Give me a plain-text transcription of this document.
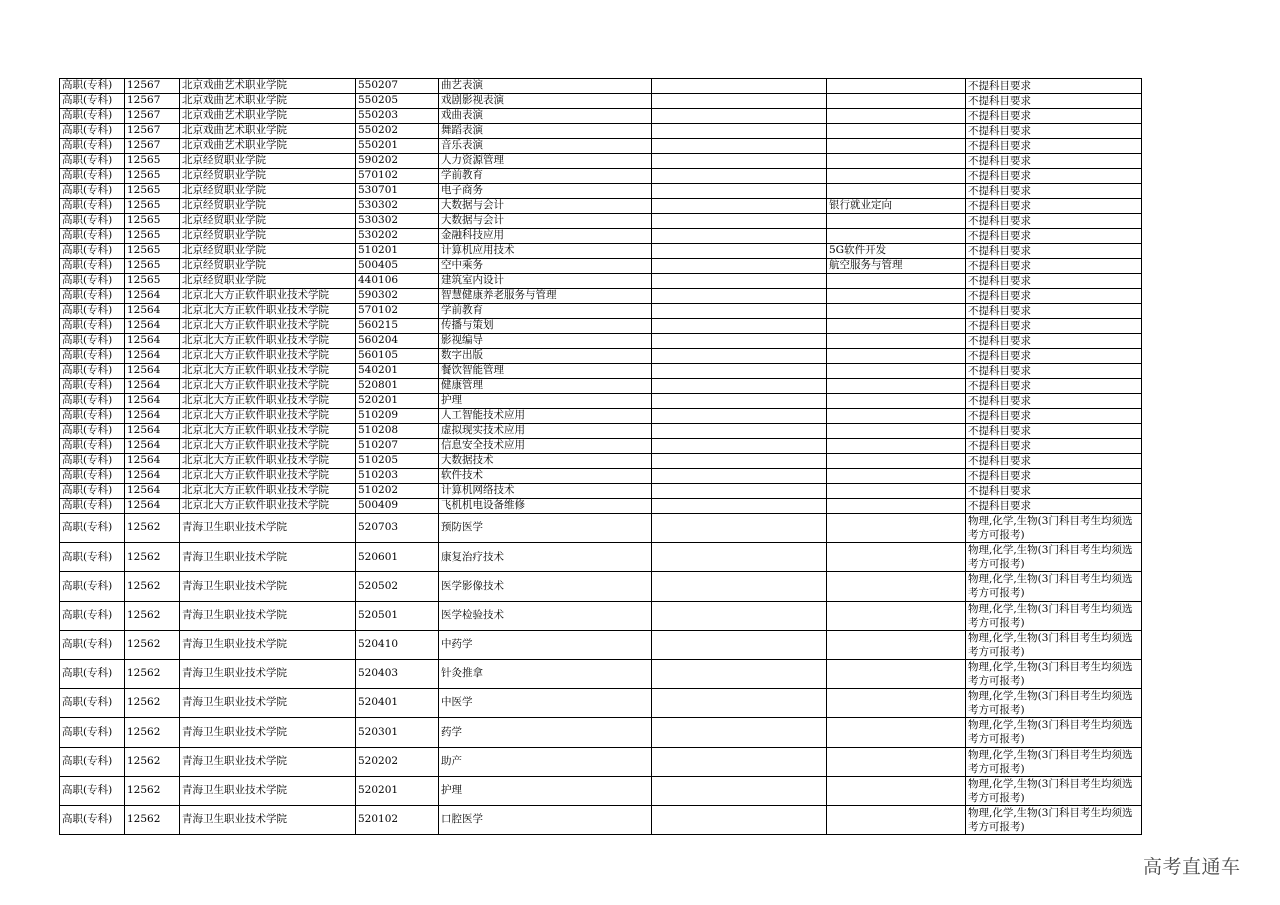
高职(专科)	12567	北京戏曲艺术职业学院	550207	曲艺表演			不提科目要求
高职(专科)	12567	北京戏曲艺术职业学院	550205	戏剧影视表演			不提科目要求
高职(专科)	12567	北京戏曲艺术职业学院	550203	戏曲表演			不提科目要求
高职(专科)	12567	北京戏曲艺术职业学院	550202	舞蹈表演			不提科目要求
高职(专科)	12567	北京戏曲艺术职业学院	550201	音乐表演			不提科目要求
高职(专科)	12565	北京经贸职业学院	590202	人力资源管理			不提科目要求
高职(专科)	12565	北京经贸职业学院	570102	学前教育			不提科目要求
高职(专科)	12565	北京经贸职业学院	530701	电子商务			不提科目要求
高职(专科)	12565	北京经贸职业学院	530302	大数据与会计		银行就业定向	不提科目要求
高职(专科)	12565	北京经贸职业学院	530302	大数据与会计			不提科目要求
高职(专科)	12565	北京经贸职业学院	530202	金融科技应用			不提科目要求
高职(专科)	12565	北京经贸职业学院	510201	计算机应用技术		5G软件开发	不提科目要求
高职(专科)	12565	北京经贸职业学院	500405	空中乘务		航空服务与管理	不提科目要求
高职(专科)	12565	北京经贸职业学院	440106	建筑室内设计			不提科目要求
高职(专科)	12564	北京北大方正软件职业技术学院	590302	智慧健康养老服务与管理			不提科目要求
高职(专科)	12564	北京北大方正软件职业技术学院	570102	学前教育			不提科目要求
高职(专科)	12564	北京北大方正软件职业技术学院	560215	传播与策划			不提科目要求
高职(专科)	12564	北京北大方正软件职业技术学院	560204	影视编导			不提科目要求
高职(专科)	12564	北京北大方正软件职业技术学院	560105	数字出版			不提科目要求
高职(专科)	12564	北京北大方正软件职业技术学院	540201	餐饮智能管理			不提科目要求
高职(专科)	12564	北京北大方正软件职业技术学院	520801	健康管理			不提科目要求
高职(专科)	12564	北京北大方正软件职业技术学院	520201	护理			不提科目要求
高职(专科)	12564	北京北大方正软件职业技术学院	510209	人工智能技术应用			不提科目要求
高职(专科)	12564	北京北大方正软件职业技术学院	510208	虚拟现实技术应用			不提科目要求
高职(专科)	12564	北京北大方正软件职业技术学院	510207	信息安全技术应用			不提科目要求
高职(专科)	12564	北京北大方正软件职业技术学院	510205	大数据技术			不提科目要求
高职(专科)	12564	北京北大方正软件职业技术学院	510203	软件技术			不提科目要求
高职(专科)	12564	北京北大方正软件职业技术学院	510202	计算机网络技术			不提科目要求
高职(专科)	12564	北京北大方正软件职业技术学院	500409	飞机机电设备维修			不提科目要求
高职(专科)	12562	青海卫生职业技术学院	520703	预防医学			物理,化学,生物(3门科目考生均须选考方可报考)
高职(专科)	12562	青海卫生职业技术学院	520601	康复治疗技术			物理,化学,生物(3门科目考生均须选考方可报考)
高职(专科)	12562	青海卫生职业技术学院	520502	医学影像技术			物理,化学,生物(3门科目考生均须选考方可报考)
高职(专科)	12562	青海卫生职业技术学院	520501	医学检验技术			物理,化学,生物(3门科目考生均须选考方可报考)
高职(专科)	12562	青海卫生职业技术学院	520410	中药学			物理,化学,生物(3门科目考生均须选考方可报考)
高职(专科)	12562	青海卫生职业技术学院	520403	针灸推拿			物理,化学,生物(3门科目考生均须选考方可报考)
高职(专科)	12562	青海卫生职业技术学院	520401	中医学			物理,化学,生物(3门科目考生均须选考方可报考)
高职(专科)	12562	青海卫生职业技术学院	520301	药学			物理,化学,生物(3门科目考生均须选考方可报考)
高职(专科)	12562	青海卫生职业技术学院	520202	助产			物理,化学,生物(3门科目考生均须选考方可报考)
高职(专科)	12562	青海卫生职业技术学院	520201	护理			物理,化学,生物(3门科目考生均须选考方可报考)
高职(专科)	12562	青海卫生职业技术学院	520102	口腔医学			物理,化学,生物(3门科目考生均须选考方可报考)
高考直通车
